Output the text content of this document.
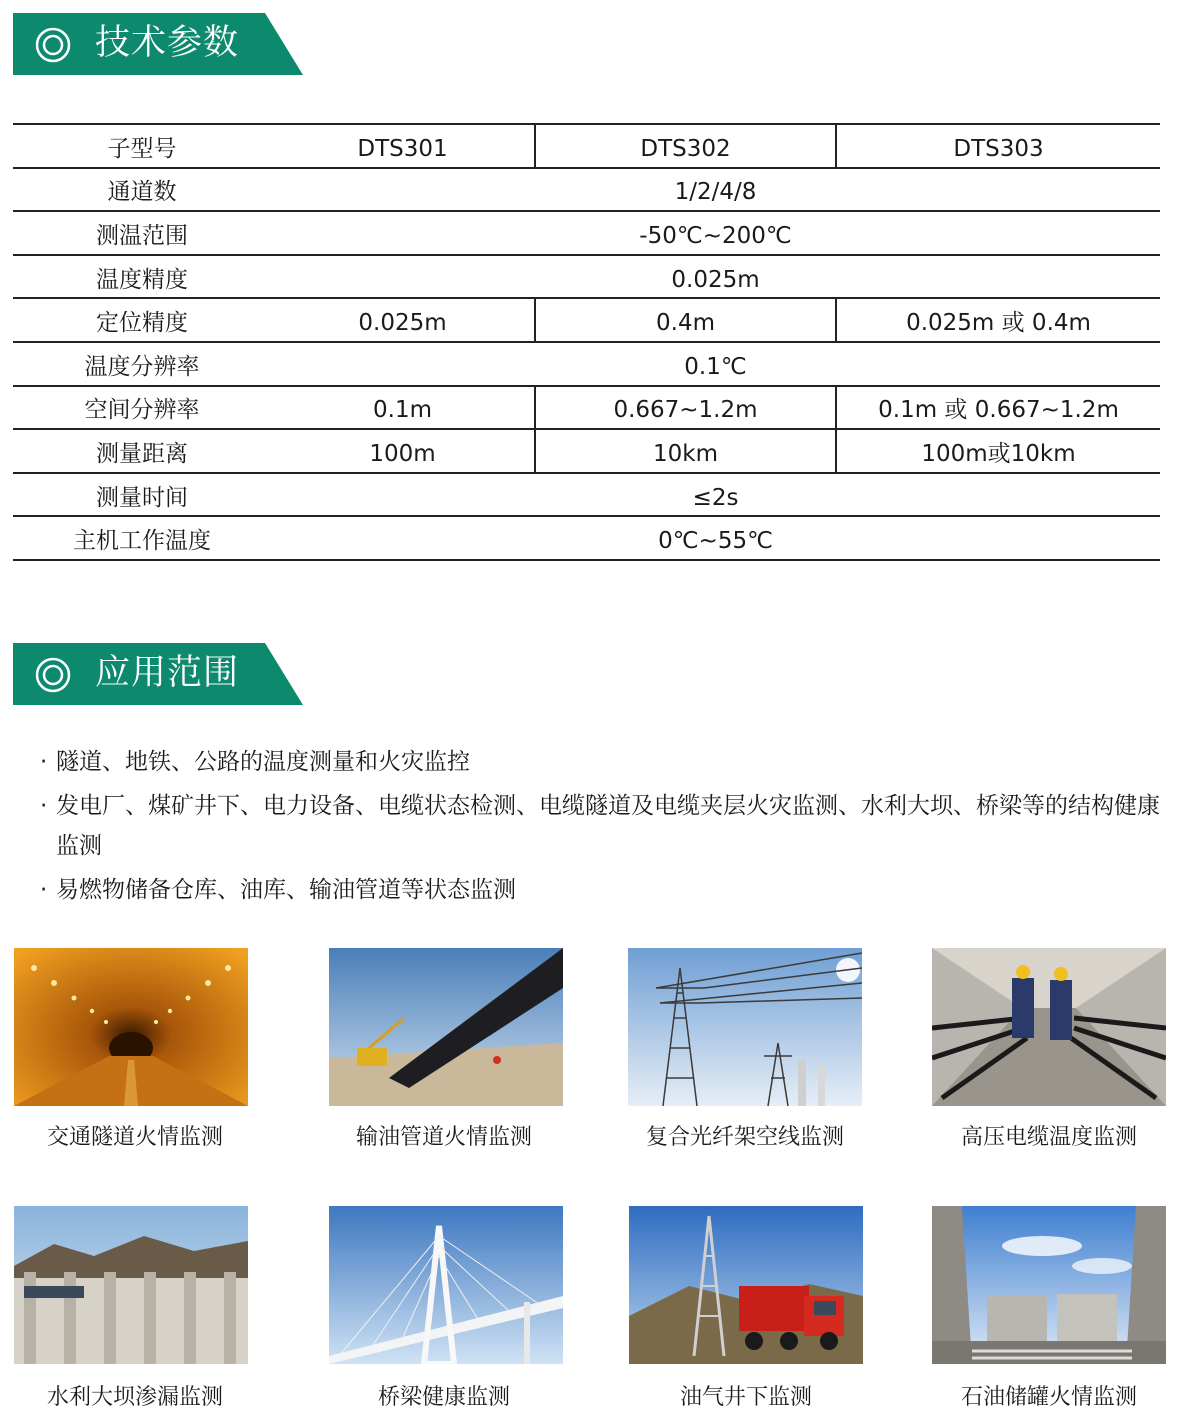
技术参数
子型号	DTS301	DTS302	DTS303
通道数	1/2/4/8		
测温范围	-50℃~200℃		
温度精度	0.025m		
定位精度	0.025m	0.4m	0.025m 或 0.4m
温度分辨率	0.1℃		
空间分辨率	0.1m	0.667~1.2m	0.1m 或 0.667~1.2m
测量距离	100m	10km	100m或10km
测量时间	≤2s		
主机工作温度	0℃~55℃		
应用范围
· 隧道、地铁、公路的温度测量和火灾监控
· 发电厂、煤矿井下、电力设备、电缆状态检测、电缆隧道及电缆夹层火灾监测、水利大坝、桥梁等的结构健康监测
· 易燃物储备仓库、油库、输油管道等状态监测
交通隧道火情监测	输油管道火情监测	复合光纤架空线监测	高压电缆温度监测
水利大坝渗漏监测	桥梁健康监测	油气井下监测	石油储罐火情监测
